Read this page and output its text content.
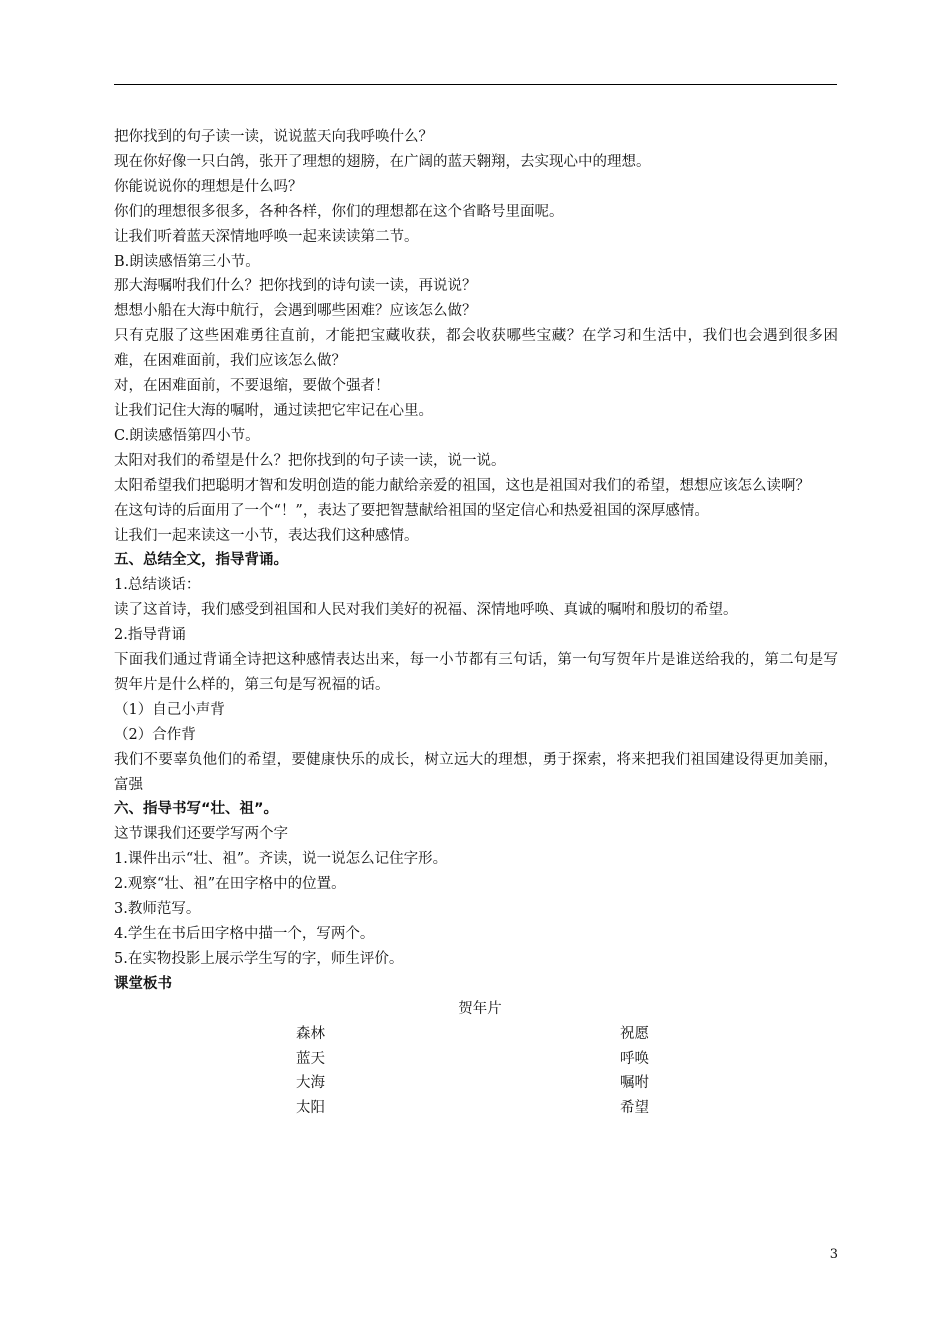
把你找到的句子读一读，说说蓝天向我呼唤什么？
现在你好像一只白鸽，张开了理想的翅膀，在广阔的蓝天翱翔，去实现心中的理想。
你能说说你的理想是什么吗？
你们的理想很多很多，各种各样，你们的理想都在这个省略号里面呢。
让我们听着蓝天深情地呼唤一起来读读第二节。
B.朗读感悟第三小节。
那大海嘱咐我们什么？把你找到的诗句读一读，再说说？
想想小船在大海中航行，会遇到哪些困难？应该怎么做？
只有克服了这些困难勇往直前，才能把宝藏收获，都会收获哪些宝藏？在学习和生活中，我们也会遇到很多困难，在困难面前，我们应该怎么做？
对，在困难面前，不要退缩，要做个强者！
让我们记住大海的嘱咐，通过读把它牢记在心里。
C.朗读感悟第四小节。
太阳对我们的希望是什么？把你找到的句子读一读，说一说。
太阳希望我们把聪明才智和发明创造的能力献给亲爱的祖国，这也是祖国对我们的希望，想想应该怎么读啊？
在这句诗的后面用了一个“！”，表达了要把智慧献给祖国的坚定信心和热爱祖国的深厚感情。
让我们一起来读这一小节，表达我们这种感情。
五、总结全文，指导背诵。
1.总结谈话：
读了这首诗，我们感受到祖国和人民对我们美好的祝福、深情地呼唤、真诚的嘱咐和殷切的希望。
2.指导背诵
下面我们通过背诵全诗把这种感情表达出来，每一小节都有三句话，第一句写贺年片是谁送给我的，第二句是写贺年片是什么样的，第三句是写祝福的话。
（1）自己小声背
（2）合作背
我们不要辜负他们的希望，要健康快乐的成长，树立远大的理想，勇于探索，将来把我们祖国建设得更加美丽，富强
六、指导书写“壮、祖”。
这节课我们还要学写两个字
1.课件出示“壮、祖”。齐读，说一说怎么记住字形。
2.观察“壮、祖”在田字格中的位置。
3.教师范写。
4.学生在书后田字格中描一个，写两个。
5.在实物投影上展示学生写的字，师生评价。
课堂板书
贺年片
森林	祝愿
蓝天	呼唤
大海	嘱咐
太阳	希望
3
